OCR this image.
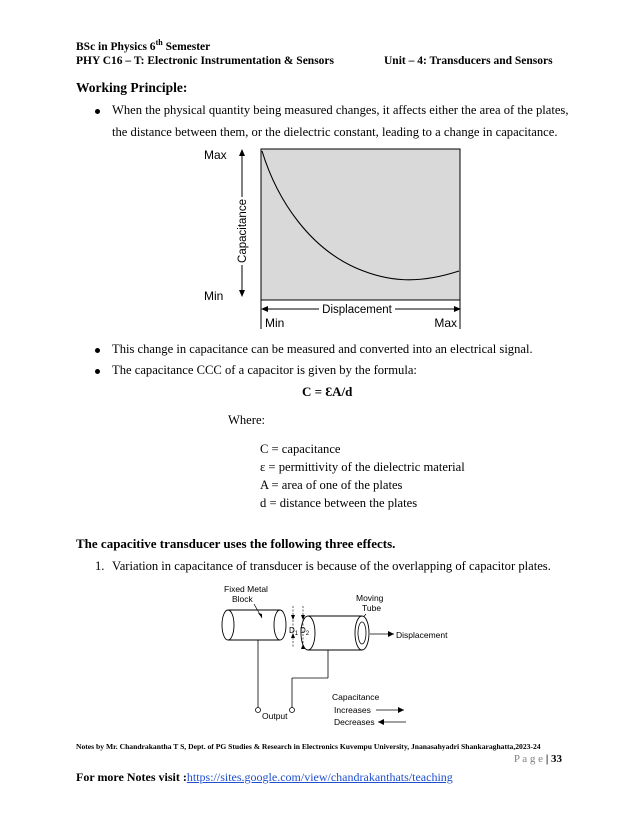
BSc in Physics 6th Semester
PHY C16 – T: Electronic Instrumentation & Sensors	Unit – 4: Transducers and Sensors
Working Principle:
When the physical quantity being measured changes, it affects either the area of the plates,
the distance between them, or the dielectric constant, leading to a change in capacitance.
Capacitance
Max
Min
Displacement
Min	Max
This change in capacitance can be measured and converted into an electrical signal.
The capacitance CCC of a capacitor is given by the formula:
C = ƐA/d
Where:
C = capacitance
ε = permittivity of the dielectric material
A = area of one of the plates
d = distance between the plates
The capacitive transducer uses the following three effects.
1. Variation in capacitance of transducer is because of the overlapping of capacitor plates.
Fixed Metal
Block	Moving
Tube
$D_1$ $D_2$	Displacement
Output
Capacitance
Increases
Decreases
Notes by Mr. Chandrakantha T S, Dept. of PG Studies & Research in Electronics Kuvempu University, Jnanasahyadri Shankaraghatta,2023-24
P a g e | 33
For more Notes visit :https://sites.google.com/view/chandrakanthats/teaching
